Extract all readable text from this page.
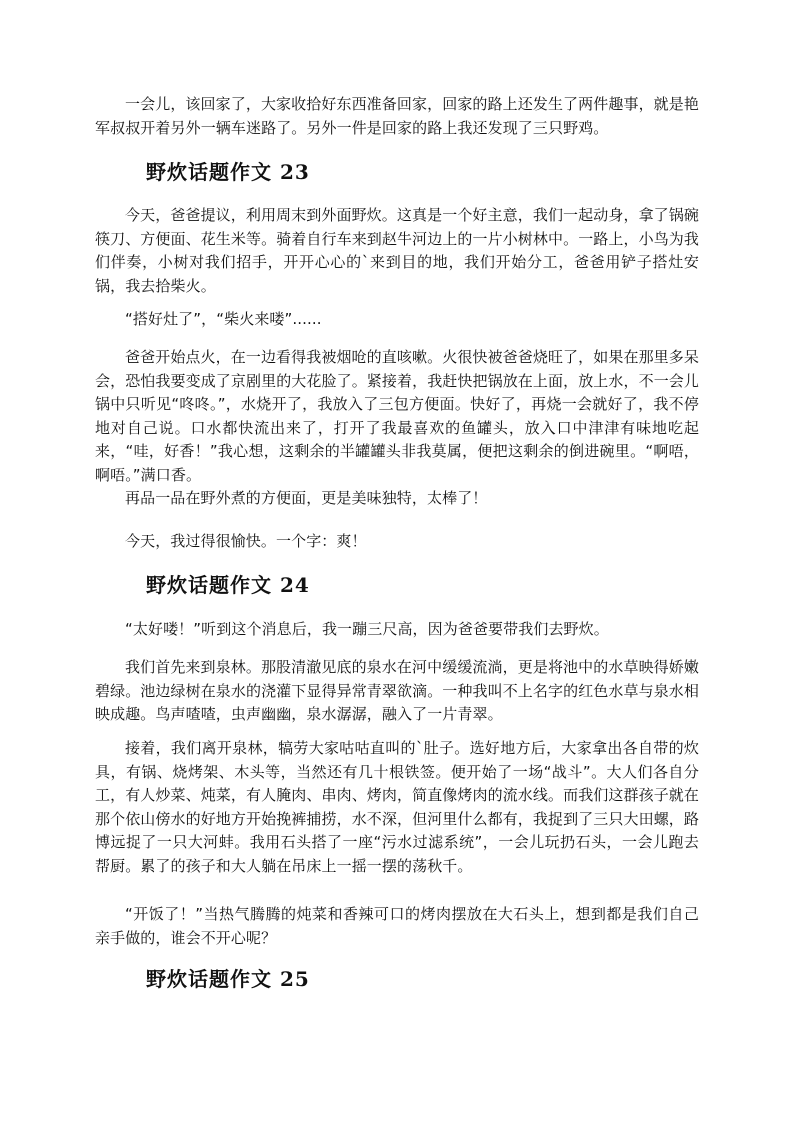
一会儿，该回家了，大家收拾好东西准备回家，回家的路上还发生了两件趣事，就是艳军叔叔开着另外一辆车迷路了。另外一件是回家的路上我还发现了三只野鸡。

野炊话题作文 23

今天，爸爸提议，利用周末到外面野炊。这真是一个好主意，我们一起动身，拿了锅碗筷刀、方便面、花生米等。骑着自行车来到赵牛河边上的一片小树林中。一路上，小鸟为我们伴奏，小树对我们招手，开开心心的`来到目的地，我们开始分工，爸爸用铲子搭灶安锅，我去拾柴火。

“搭好灶了”，“柴火来喽”......

爸爸开始点火，在一边看得我被烟呛的直咳嗽。火很快被爸爸烧旺了，如果在那里多呆会，恐怕我要变成了京剧里的大花脸了。紧接着，我赶快把锅放在上面，放上水，不一会儿锅中只听见“咚咚。”，水烧开了，我放入了三包方便面。快好了，再烧一会就好了，我不停地对自己说。口水都快流出来了，打开了我最喜欢的鱼罐头，放入口中津津有味地吃起来，“哇，好香！”我心想，这剩余的半罐罐头非我莫属，便把这剩余的倒进碗里。“啊唔，啊唔。”满口香。

再品一品在野外煮的方便面，更是美味独特，太棒了！

今天，我过得很愉快。一个字：爽！

野炊话题作文 24

“太好喽！”听到这个消息后，我一蹦三尺高，因为爸爸要带我们去野炊。

我们首先来到泉林。那股清澈见底的泉水在河中缓缓流淌，更是将池中的水草映得娇嫩碧绿。池边绿树在泉水的浇灌下显得异常青翠欲滴。一种我叫不上名字的红色水草与泉水相映成趣。鸟声喳喳，虫声幽幽，泉水潺潺，融入了一片青翠。

接着，我们离开泉林，犒劳大家咕咕直叫的`肚子。选好地方后，大家拿出各自带的炊具，有锅、烧烤架、木头等，当然还有几十根铁签。便开始了一场“战斗”。大人们各自分工，有人炒菜、炖菜，有人腌肉、串肉、烤肉，简直像烤肉的流水线。而我们这群孩子就在那个依山傍水的好地方开始挽裤捕捞，水不深，但河里什么都有，我捉到了三只大田螺，路博远捉了一只大河蚌。我用石头搭了一座“污水过滤系统”，一会儿玩扔石头，一会儿跑去帮厨。累了的孩子和大人躺在吊床上一摇一摆的荡秋千。

“开饭了！”当热气腾腾的炖菜和香辣可口的烤肉摆放在大石头上，想到都是我们自己亲手做的，谁会不开心呢？

野炊话题作文 25
